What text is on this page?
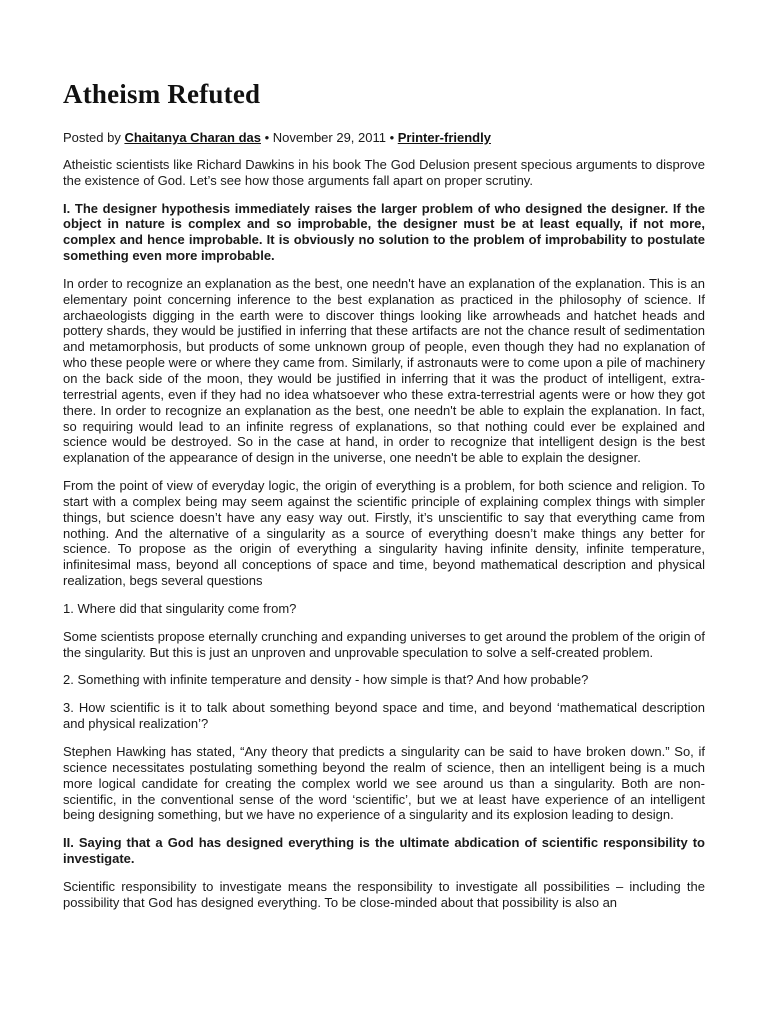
Atheism Refuted
Posted by Chaitanya Charan das • November 29, 2011 • Printer-friendly

Atheistic scientists like Richard Dawkins in his book The God Delusion present specious arguments to disprove the existence of God. Let’s see how those arguments fall apart on proper scrutiny.

I. The designer hypothesis immediately raises the larger problem of who designed the designer. If the object in nature is complex and so improbable, the designer must be at least equally, if not more, complex and hence improbable. It is obviously no solution to the problem of improbability to postulate something even more improbable.

In order to recognize an explanation as the best, one needn't have an explanation of the explanation. This is an elementary point concerning inference to the best explanation as practiced in the philosophy of science. If archaeologists digging in the earth were to discover things looking like arrowheads and hatchet heads and pottery shards, they would be justified in inferring that these artifacts are not the chance result of sedimentation and metamorphosis, but products of some unknown group of people, even though they had no explanation of who these people were or where they came from. Similarly, if astronauts were to come upon a pile of machinery on the back side of the moon, they would be justified in inferring that it was the product of intelligent, extra-terrestrial agents, even if they had no idea whatsoever who these extra-terrestrial agents were or how they got there. In order to recognize an explanation as the best, one needn't be able to explain the explanation. In fact, so requiring would lead to an infinite regress of explanations, so that nothing could ever be explained and science would be destroyed. So in the case at hand, in order to recognize that intelligent design is the best explanation of the appearance of design in the universe, one needn't be able to explain the designer.

From the point of view of everyday logic, the origin of everything is a problem, for both science and religion. To start with a complex being may seem against the scientific principle of explaining complex things with simpler things, but science doesn’t have any easy way out. Firstly, it’s unscientific to say that everything came from nothing. And the alternative of a singularity as a source of everything doesn’t make things any better for science. To propose as the origin of everything a singularity having infinite density, infinite temperature, infinitesimal mass, beyond all conceptions of space and time, beyond mathematical description and physical realization, begs several questions

1. Where did that singularity come from?

Some scientists propose eternally crunching and expanding universes to get around the problem of the origin of the singularity. But this is just an unproven and unprovable speculation to solve a self-created problem.

2. Something with infinite temperature and density - how simple is that? And how probable?

3. How scientific is it to talk about something beyond space and time, and beyond ‘mathematical description and physical realization’?

Stephen Hawking has stated, “Any theory that predicts a singularity can be said to have broken down.” So, if science necessitates postulating something beyond the realm of science, then an intelligent being is a much more logical candidate for creating the complex world we see around us than a singularity. Both are non-scientific, in the conventional sense of the word ‘scientific’, but we at least have experience of an intelligent being designing something, but we have no experience of a singularity and its explosion leading to design.

II. Saying that a God has designed everything is the ultimate abdication of scientific responsibility to investigate.

Scientific responsibility to investigate means the responsibility to investigate all possibilities – including the possibility that God has designed everything. To be close-minded about that possibility is also an
